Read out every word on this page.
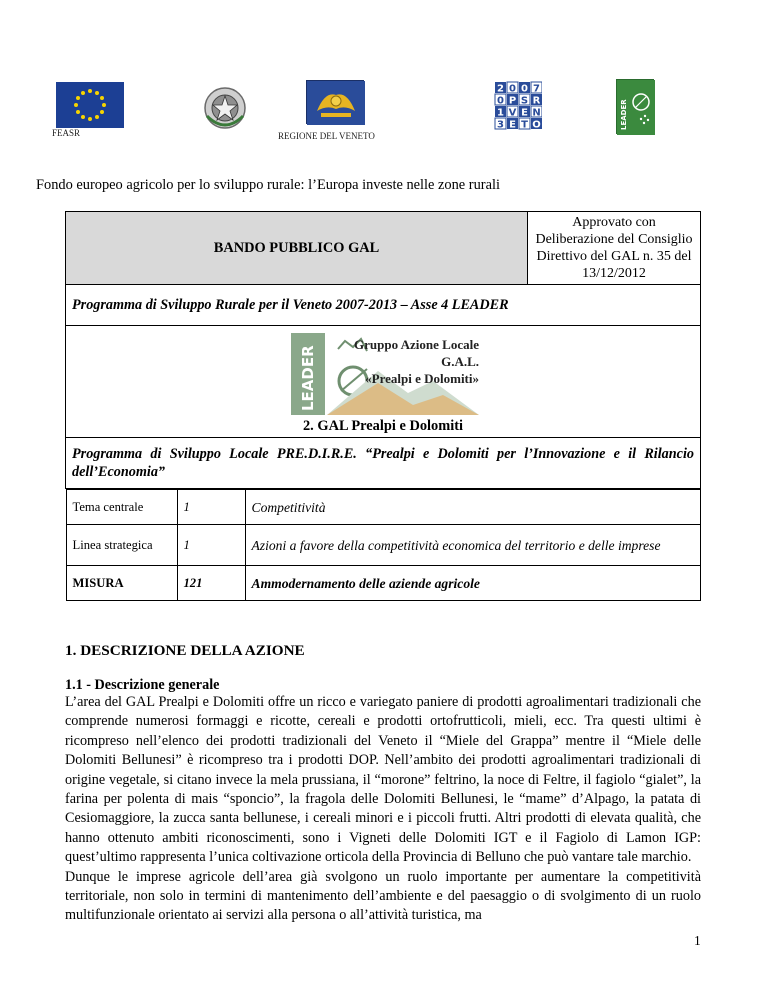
FEASR	REGIONE DEL VENETO
2 0 0 7
0 P S R
1 V E N
3 E T O	LEADER
Fondo europeo agricolo per lo sviluppo rurale: l’Europa investe nelle zone rurali
BANDO PUBBLICO GAL	Approvato con Deliberazione del Consiglio Direttivo del GAL n. 35 del 13/12/2012
Programma di Sviluppo Rurale per il Veneto 2007-2013 – Asse 4 LEADER

LEADER
Gruppo Azione Locale
G.A.L.
«Prealpi e Dolomiti»
2. GAL Prealpi e Dolomiti

Programma di Sviluppo Locale PRE.D.I.R.E. “Prealpi e Dolomiti per l’Innovazione e il Rilancio dell’Economia”

Tema centrale	1	Competitività
Linea strategica	1	Azioni a favore della competitività economica del territorio e delle imprese
MISURA	121	Ammodernamento delle aziende agricole
1. DESCRIZIONE DELLA AZIONE
1.1 - Descrizione generale

L’area del GAL Prealpi e Dolomiti offre un ricco e variegato paniere di prodotti agroalimentari tradizionali che comprende numerosi formaggi e ricotte, cereali e prodotti ortofrutticoli, mieli, ecc. Tra questi ultimi è ricompreso nell’elenco dei prodotti tradizionali del Veneto il “Miele del Grappa” mentre il “Miele delle Dolomiti Bellunesi” è ricompreso tra i prodotti DOP. Nell’ambito dei prodotti agroalimentari tradizionali di origine vegetale, si citano invece la mela prussiana, il “morone” feltrino, la noce di Feltre, il fagiolo “gialet”, la farina per polenta di mais “sponcio”, la fragola delle Dolomiti Bellunesi, le “mame” d’Alpago, la patata di Cesiomaggiore, la zucca santa bellunese, i cereali minori e i piccoli frutti. Altri prodotti di elevata qualità, che hanno ottenuto ambiti riconoscimenti, sono i Vigneti delle Dolomiti IGT e il Fagiolo di Lamon IGP: quest’ultimo rappresenta l’unica coltivazione orticola della Provincia di Belluno che può vantare tale marchio.

Dunque le imprese agricole dell’area già svolgono un ruolo importante per aumentare la competitività territoriale, non solo in termini di mantenimento dell’ambiente e del paesaggio o di svolgimento di un ruolo multifunzionale orientato ai servizi alla persona o all’attività turistica, ma

1
